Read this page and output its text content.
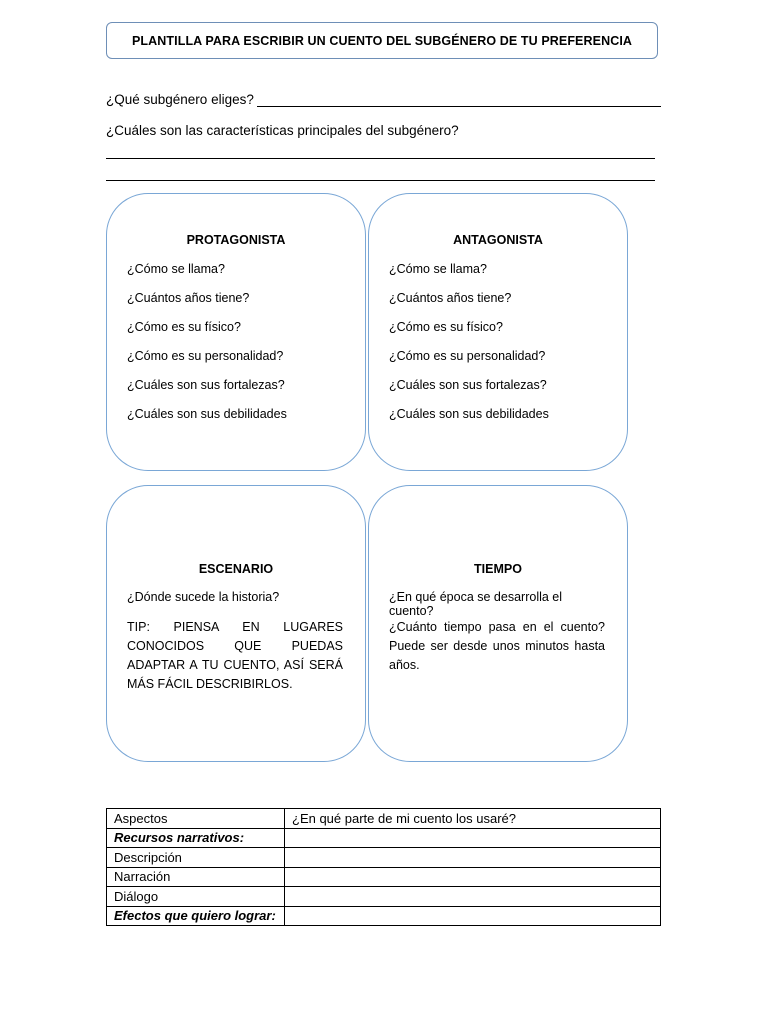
PLANTILLA PARA ESCRIBIR UN CUENTO DEL SUBGÉNERO DE TU PREFERENCIA
¿Qué subgénero eliges?
¿Cuáles son las características principales del subgénero?
PROTAGONISTA
¿Cómo se llama?
¿Cuántos años tiene?
¿Cómo es su físico?
¿Cómo es su personalidad?
¿Cuáles son sus fortalezas?
¿Cuáles son sus debilidades
ANTAGONISTA
¿Cómo se llama?
¿Cuántos años tiene?
¿Cómo es su físico?
¿Cómo es su personalidad?
¿Cuáles son sus fortalezas?
¿Cuáles son sus debilidades
ESCENARIO
¿Dónde sucede la historia?
TIP: PIENSA EN LUGARES CONOCIDOS QUE PUEDAS ADAPTAR A TU CUENTO, ASÍ SERÁ MÁS FÁCIL DESCRIBIRLOS.
TIEMPO
¿En qué época se desarrolla el cuento?
¿Cuánto tiempo pasa en el cuento? Puede ser desde unos minutos hasta años.
Aspectos	¿En qué parte de mi cuento los usaré?
Recursos narrativos:	
Descripción	
Narración	
Diálogo	
Efectos que quiero lograr:	
